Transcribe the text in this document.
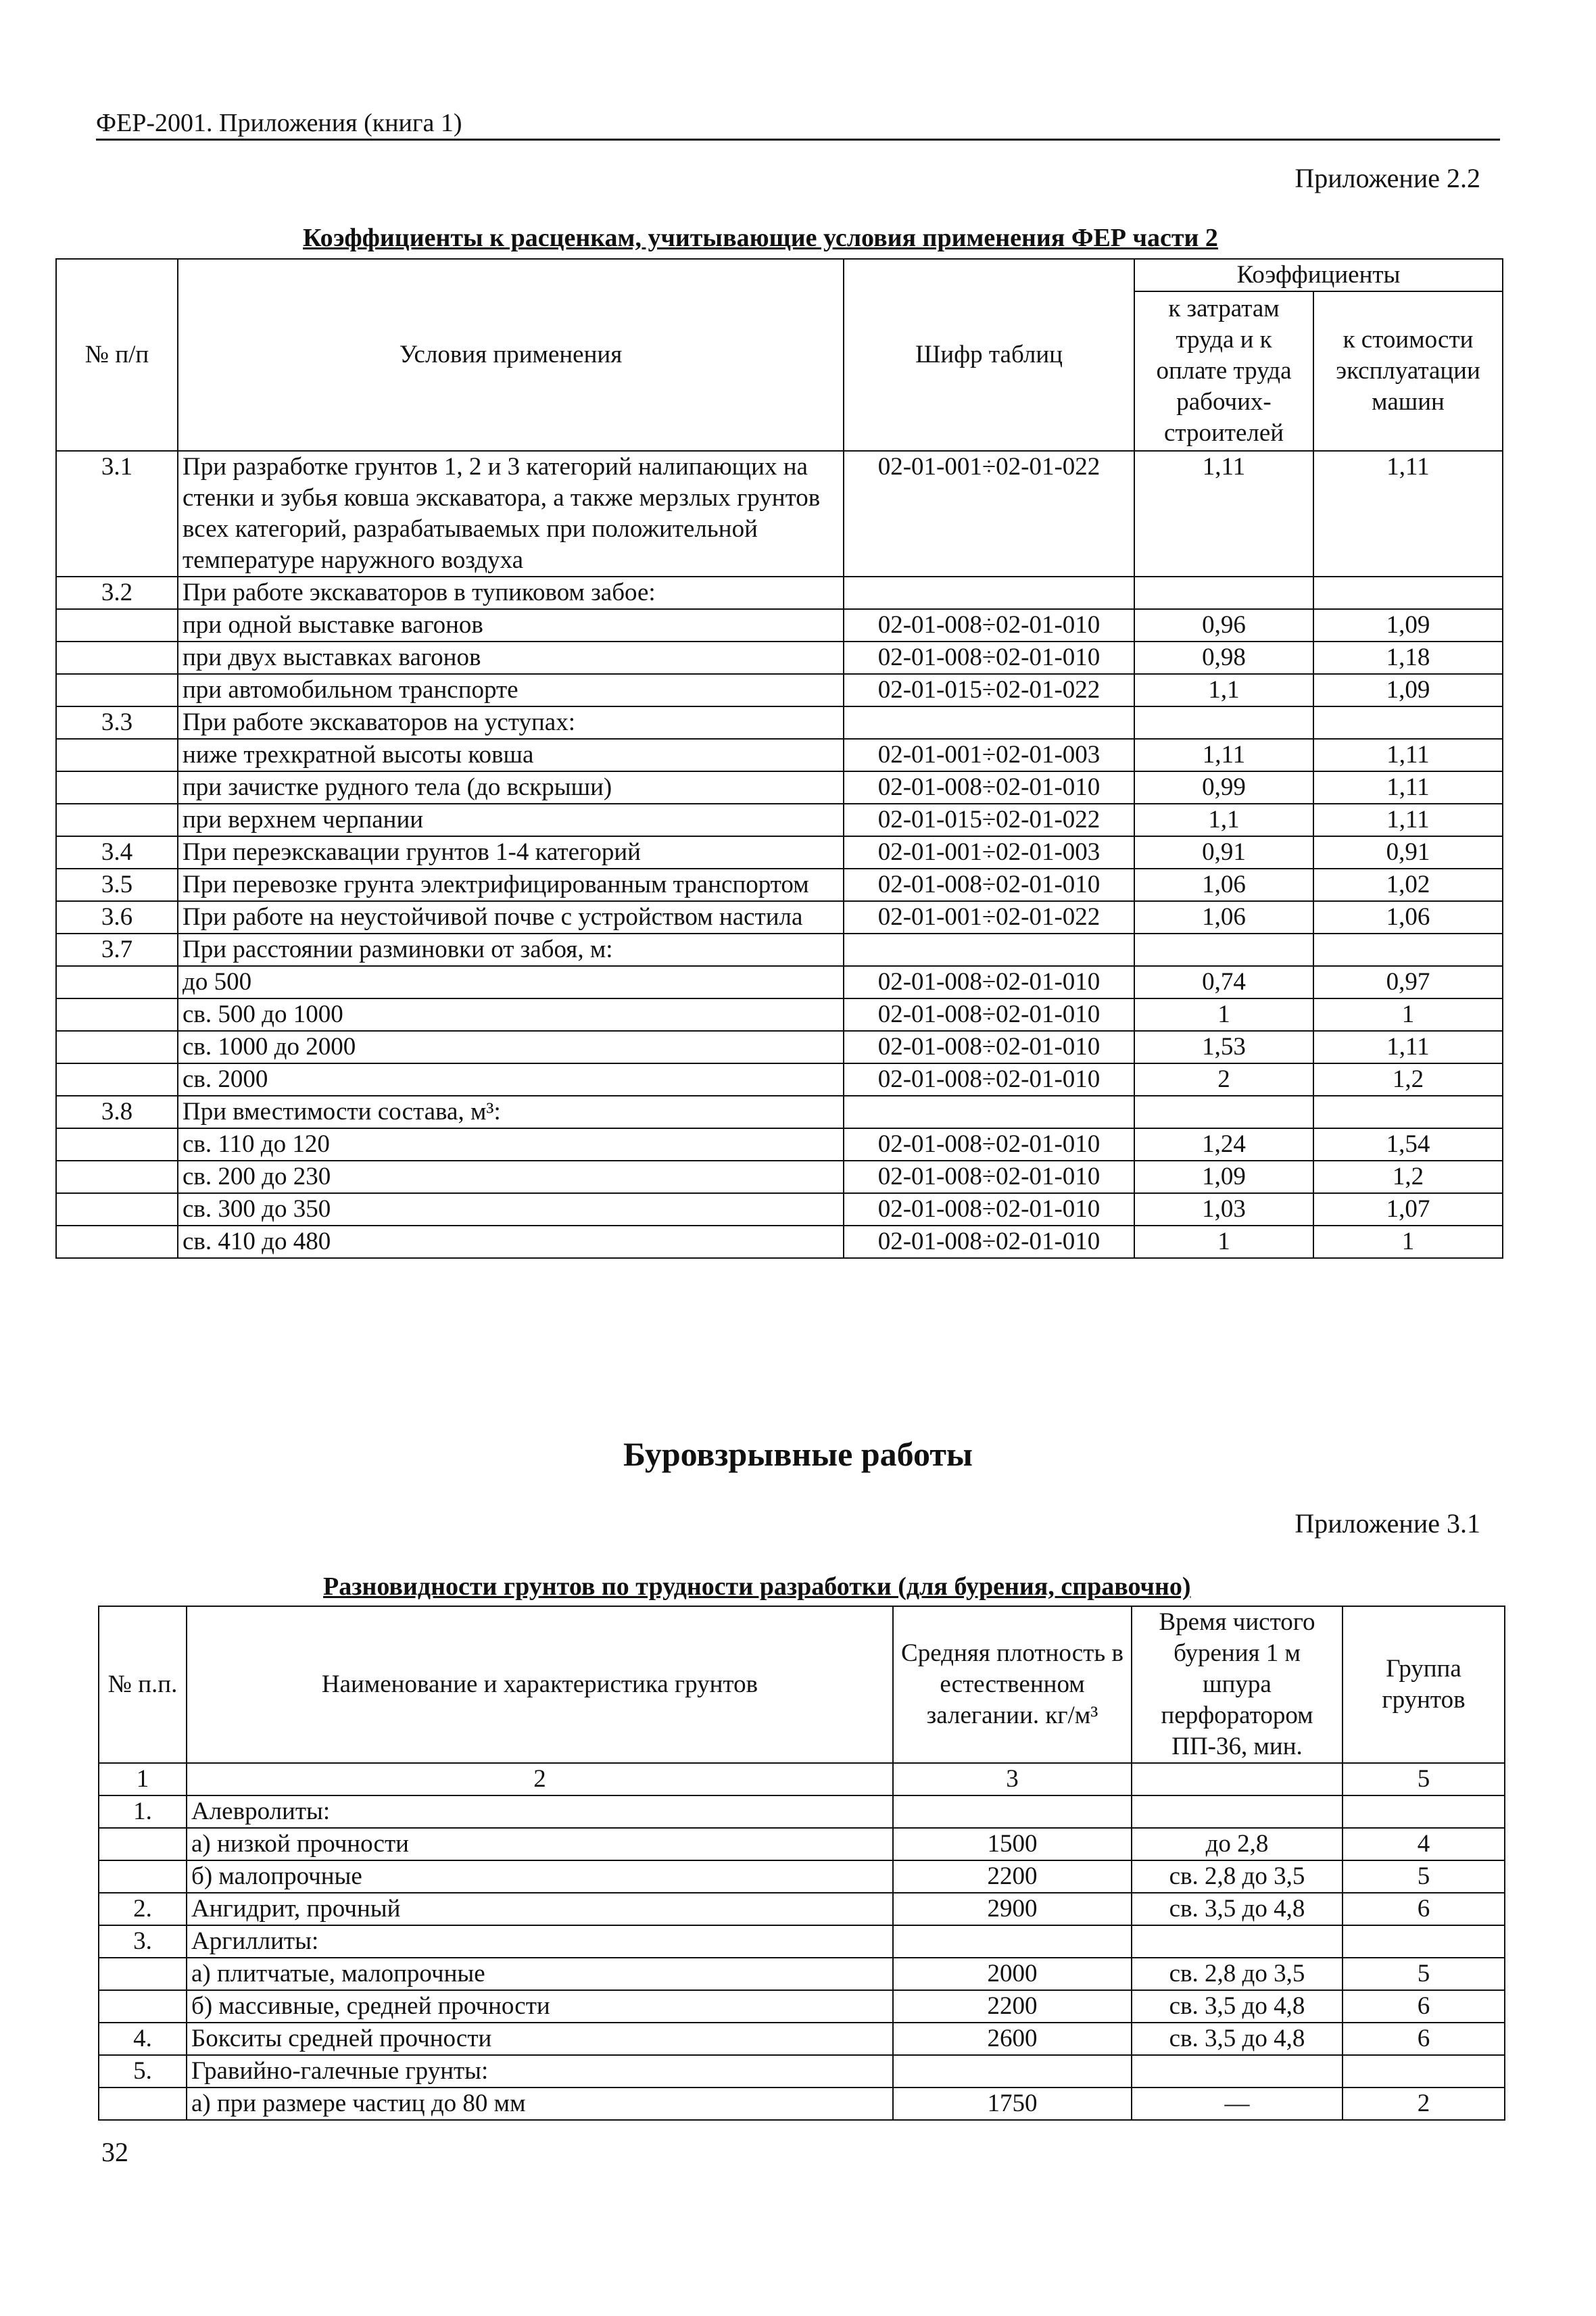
ФЕР-2001. Приложения (книга 1)
Приложение 2.2
Коэффициенты к расценкам, учитывающие условия применения ФЕР части 2
№ п/п	Условия применения	Шифр таблиц	Коэффициенты	
			к затратам труда и к оплате труда рабочих-строителей	к стоимости эксплуатации машин
3.1	При разработке грунтов 1, 2 и 3 категорий налипающих на стенки и зубья ковша экскаватора, а также мерзлых грунтов всех категорий, разрабатываемых при положительной температуре наружного воздуха	02-01-001÷02-01-022	1,11	1,11
3.2	При работе экскаваторов в тупиковом забое:			
	при одной выставке вагонов	02-01-008÷02-01-010	0,96	1,09
	при двух выставках вагонов	02-01-008÷02-01-010	0,98	1,18
	при автомобильном транспорте	02-01-015÷02-01-022	1,1	1,09
3.3	При работе экскаваторов на уступах:			
	ниже трехкратной высоты ковша	02-01-001÷02-01-003	1,11	1,11
	при зачистке рудного тела (до вскрыши)	02-01-008÷02-01-010	0,99	1,11
	при верхнем черпании	02-01-015÷02-01-022	1,1	1,11
3.4	При переэкскавации грунтов 1-4 категорий	02-01-001÷02-01-003	0,91	0,91
3.5	При перевозке грунта электрифицированным транспортом	02-01-008÷02-01-010	1,06	1,02
3.6	При работе на неустойчивой почве с устройством настила	02-01-001÷02-01-022	1,06	1,06
3.7	При расстоянии разминовки от забоя, м:			
	до 500	02-01-008÷02-01-010	0,74	0,97
	св. 500 до 1000	02-01-008÷02-01-010	1	1
	св. 1000 до 2000	02-01-008÷02-01-010	1,53	1,11
	св. 2000	02-01-008÷02-01-010	2	1,2
3.8	При вместимости состава, м³:			
	св. 110 до 120	02-01-008÷02-01-010	1,24	1,54
	св. 200 до 230	02-01-008÷02-01-010	1,09	1,2
	св. 300 до 350	02-01-008÷02-01-010	1,03	1,07
	св. 410 до 480	02-01-008÷02-01-010	1	1
Буровзрывные работы
Приложение 3.1
Разновидности грунтов по трудности разработки (для бурения, справочно)
№ п.п.	Наименование и характеристика грунтов	Средняя плотность в естественном залегании. кг/м³	Время чистого бурения 1 м шпура перфоратором ПП-36, мин.	Группа грунтов
1	2	3		5
1.	Алевролиты:			
	а) низкой прочности	1500	до 2,8	4
	б) малопрочные	2200	св. 2,8 до 3,5	5
2.	Ангидрит, прочный	2900	св. 3,5 до 4,8	6
3.	Аргиллиты:			
	а) плитчатые, малопрочные	2000	св. 2,8 до 3,5	5
	б) массивные, средней прочности	2200	св. 3,5 до 4,8	6
4.	Бокситы средней прочности	2600	св. 3,5 до 4,8	6
5.	Гравийно-галечные грунты:			
	а) при размере частиц до 80 мм	1750	—	2
32
